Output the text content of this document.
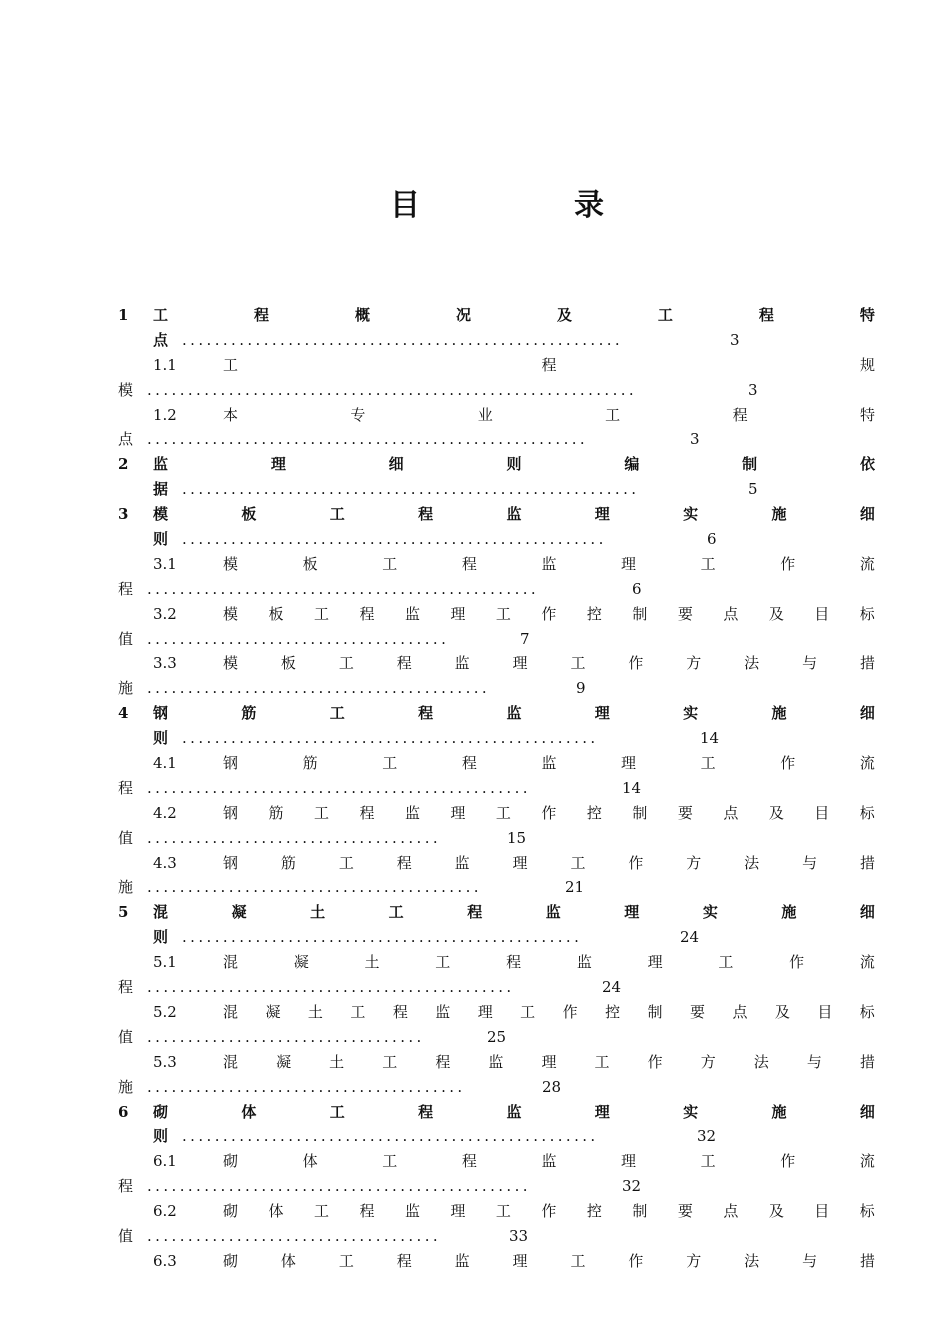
目	录
1 工	程	概	况	及	工	程	特
点 ......................................................	3
1.1	工	程	规
模 ............................................................	3
1.2	本	专	业	工	程	特
点 ......................................................	3
2 监	理	细	则	编	制	依
据 ........................................................	5
3 模	板	工	程	监	理	实	施	细
则 ....................................................	6
3.1	模	板	工	程	监	理	工	作	流
程 ................................................	6
3.2	模 板 工 程 监 理 工 作 控 制 要 点 及 目 标
值 .....................................	7
3.3	模	板	工	程	监	理	工	作	方	法	与	措
施 ..........................................	9
4 钢	筋	工	程	监	理	实	施	细
则 ...................................................	14
4.1	钢	筋	工	程	监	理	工	作	流
程 ...............................................	14
4.2	钢 筋 工 程 监 理 工 作 控 制 要 点 及 目 标
值 ....................................	15
4.3	钢	筋	工	程	监	理	工	作	方	法	与	措
施 .........................................	21
5 混	凝	土	工	程	监	理	实	施	细
则 .................................................	24
5.1	混	凝	土	工	程	监	理	工	作	流
程 .............................................	24
5.2	混 凝 土 工 程 监 理 工 作 控 制 要 点 及 目 标
值 ..................................	25
5.3	混	凝	土	工	程	监	理	工	作	方	法	与	措
施 .......................................	28
6 砌	体	工	程	监	理	实	施	细
则 ...................................................	32
6.1	砌	体	工	程	监	理	工	作	流
程 ...............................................	32
6.2	砌 体 工 程 监 理 工 作 控 制 要 点 及 目 标
值 ....................................	33
6.3	砌	体	工	程	监	理	工	作	方	法	与	措
